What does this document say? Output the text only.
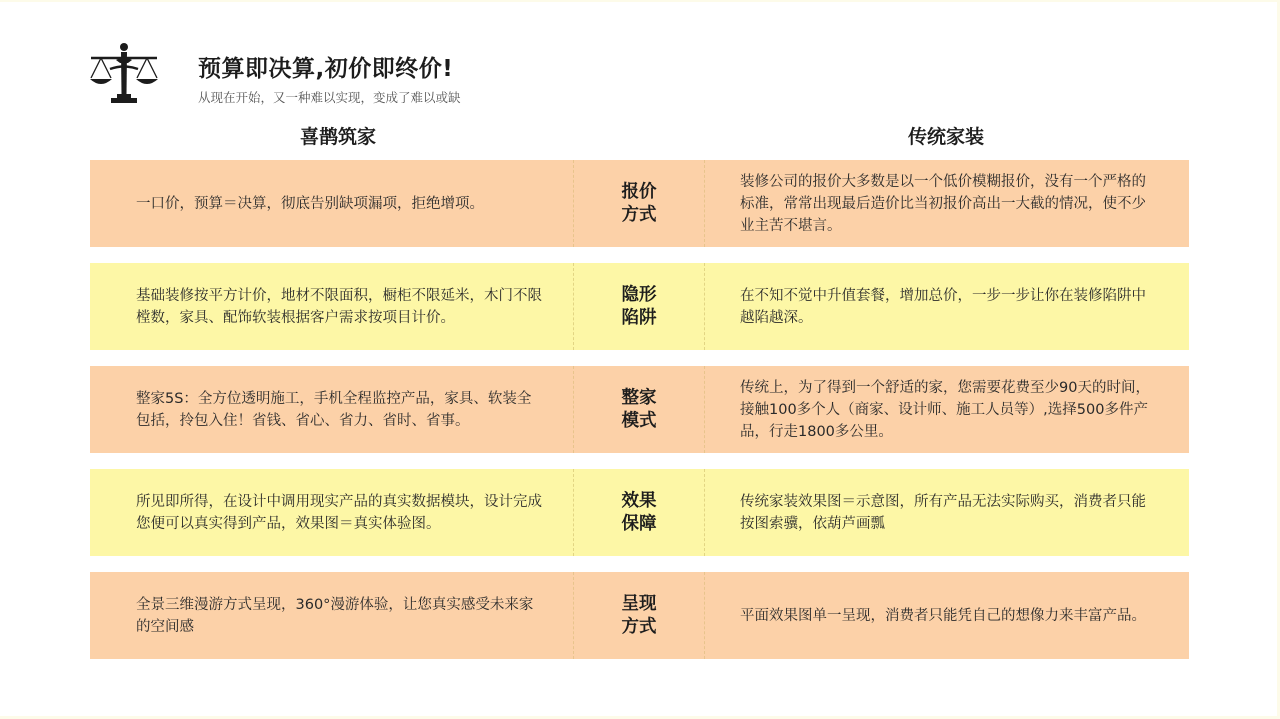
预算即决算,初价即终价!
从现在开始，又一种难以实现，变成了难以或缺
喜鹊筑家	传统家装

一口价，预算＝决算，彻底告别缺项漏项，拒绝增项。

报价方式

装修公司的报价大多数是以一个低价模糊报价，没有一个严格的标准，常常出现最后造价比当初报价高出一大截的情况，使不少业主苦不堪言。

基础装修按平方计价，地材不限面积，橱柜不限延米，木门不限樘数，家具、配饰软装根据客户需求按项目计价。

隐形陷阱

在不知不觉中升值套餐，增加总价，一步一步让你在装修陷阱中越陷越深。

整家5S：全方位透明施工，手机全程监控产品，家具、软装全包括，拎包入住！省钱、省心、省力、省时、省事。

整家模式

传统上，为了得到一个舒适的家，您需要花费至少90天的时间，接触100多个人（商家、设计师、施工人员等）,选择500多件产品，行走1800多公里。

所见即所得，在设计中调用现实产品的真实数据模块，设计完成您便可以真实得到产品，效果图＝真实体验图。

效果保障

传统家装效果图＝示意图，所有产品无法实际购买，消费者只能按图索骥，依葫芦画瓢

全景三维漫游方式呈现，360°漫游体验，让您真实感受未来家的空间感

呈现方式

平面效果图单一呈现，消费者只能凭自己的想像力来丰富产品。
